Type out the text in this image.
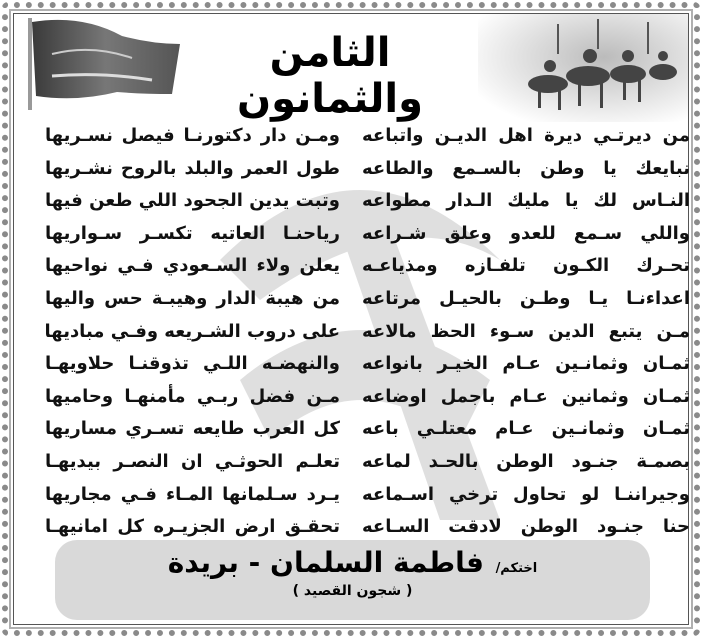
الثامن والثمانون
من ديرتـي ديرة اهل الديـن واتباعه
نبايعك يا وطن بالسـمع والطاعه
النـاس لك يا مليك الـدار مطواعه
واللي سـمع للعدو وعلق شـراعه
تحـرك الكـون تلفـازه ومذياعـه
اعداءنـا يـا وطـن بالحيـل مرتاعه
مـن يتبع الدين سـوء الحظ مالاعه
ثمـان وثمانـين عـام الخيـر بانواعه
ثمـان وثمانين عـام باجمل اوضاعه
ثمـان وثمانـين عـام معتلـي باعه
بصمـة جنـود الوطن بالحـد لماعه
وجيراننـا لو تحاول ترخي اسـماعه
حنا جنـود الوطن لادقت السـاعه
ومـن دار دكتورنـا فيصل نسـريها
طول العمر والبلد بالروح نشـريها
وتبت يدين الجحود اللي طعن فيها
رياحنـا العاتيه تكسـر سـواريها
يعلن ولاء السـعودي فـي نواحيها
من هيبة الدار وهيبـة حس واليها
على دروب الشـريعه وفـي مباديها
والنهضـه اللـي تذوقنـا حلاويهـا
مـن فضل ربـي مأمنهـا وحاميها
كل العرب طايعه تسـري مساريها
تعلـم الحوثـي ان النصـر بيديهـا
يـرد سـلمانها المـاء فـي مجاريها
تحقـق ارض الجزيـره كل امانيهـا
اختكم/ فاطمة السلمان - بريدة
( شجون القصيد )
